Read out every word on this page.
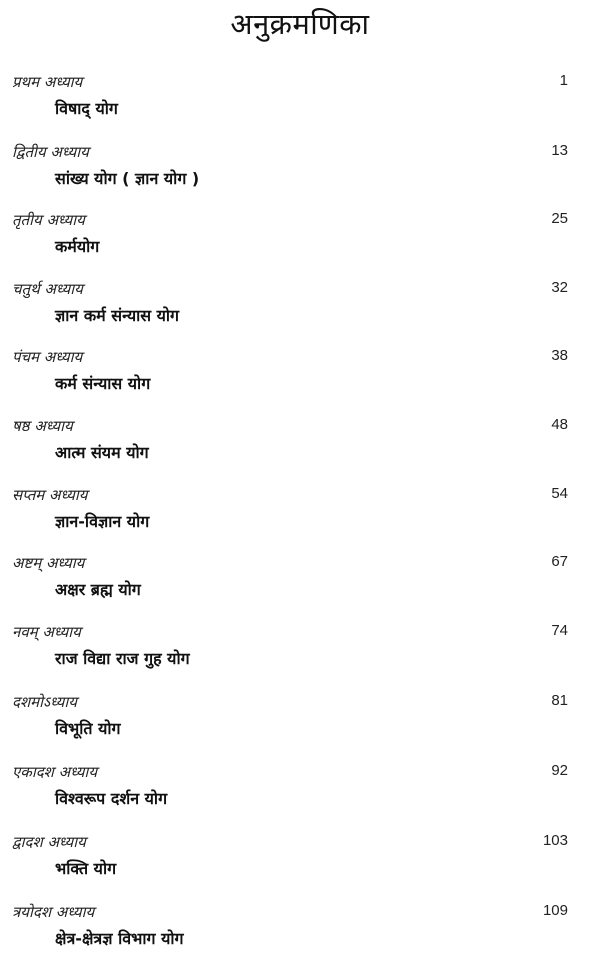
अनुक्रमणिका
प्रथम अध्याय	1
विषाद् योग
द्वितीय अध्याय	13
सांख्य योग ( ज्ञान योग )
तृतीय अध्याय	25
कर्मयोग
चतुर्थ अध्याय	32
ज्ञान कर्म संन्यास योग
पंचम अध्याय	38
कर्म संन्यास योग
षष्ठ अध्याय	48
आत्म संयम योग
सप्तम अध्याय	54
ज्ञान-विज्ञान योग
अष्टम् अध्याय	67
अक्षर ब्रह्म योग
नवम् अध्याय	74
राज विद्या राज गुह योग
दशमोऽध्याय	81
विभूति योग
एकादश अध्याय	92
विश्वरूप दर्शन योग
द्वादश अध्याय	103
भक्ति योग
त्रयोदश अध्याय	109
क्षेत्र-क्षेत्रज्ञ विभाग योग
